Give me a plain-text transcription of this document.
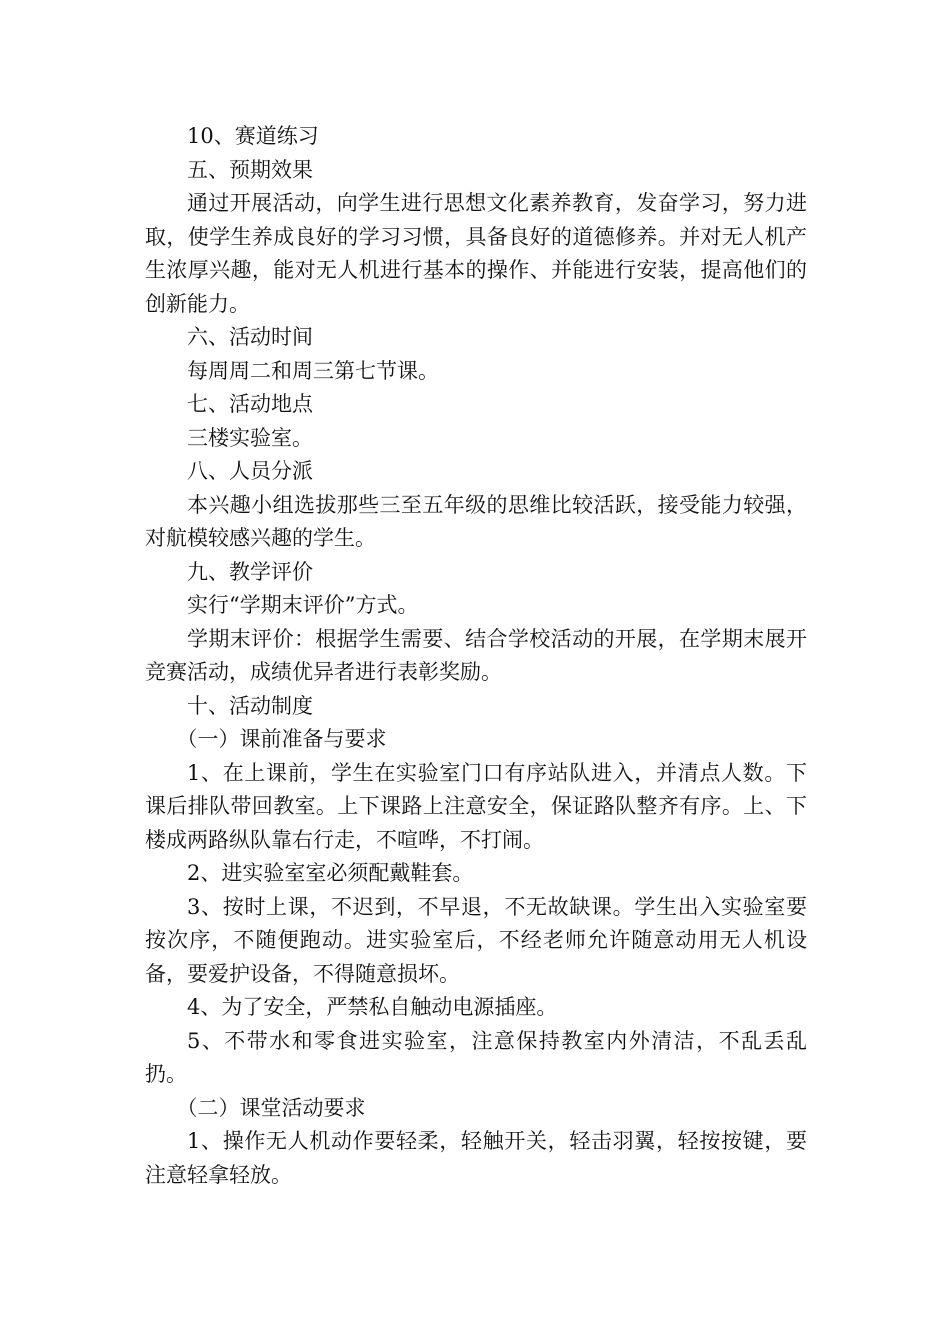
10、赛道练习

五、预期效果

通过开展活动，向学生进行思想文化素养教育，发奋学习，努力进取，使学生养成良好的学习习惯，具备良好的道德修养。并对无人机产生浓厚兴趣，能对无人机进行基本的操作、并能进行安装，提高他们的创新能力。

六、活动时间

每周周二和周三第七节课。

七、活动地点

三楼实验室。

八、人员分派

本兴趣小组选拔那些三至五年级的思维比较活跃，接受能力较强，对航模较感兴趣的学生。

九、教学评价

实行“学期末评价”方式。

学期末评价：根据学生需要、结合学校活动的开展，在学期末展开竞赛活动，成绩优异者进行表彰奖励。

十、活动制度

（一）课前准备与要求

1、在上课前，学生在实验室门口有序站队进入，并清点人数。下课后排队带回教室。上下课路上注意安全，保证路队整齐有序。上、下楼成两路纵队靠右行走，不喧哗，不打闹。

2、进实验室室必须配戴鞋套。

3、按时上课，不迟到，不早退，不无故缺课。学生出入实验室要按次序，不随便跑动。进实验室后，不经老师允许随意动用无人机设备，要爱护设备，不得随意损坏。

4、为了安全，严禁私自触动电源插座。

5、不带水和零食进实验室，注意保持教室内外清洁，不乱丢乱扔。

（二）课堂活动要求

1、操作无人机动作要轻柔，轻触开关，轻击羽翼，轻按按键，要注意轻拿轻放。
